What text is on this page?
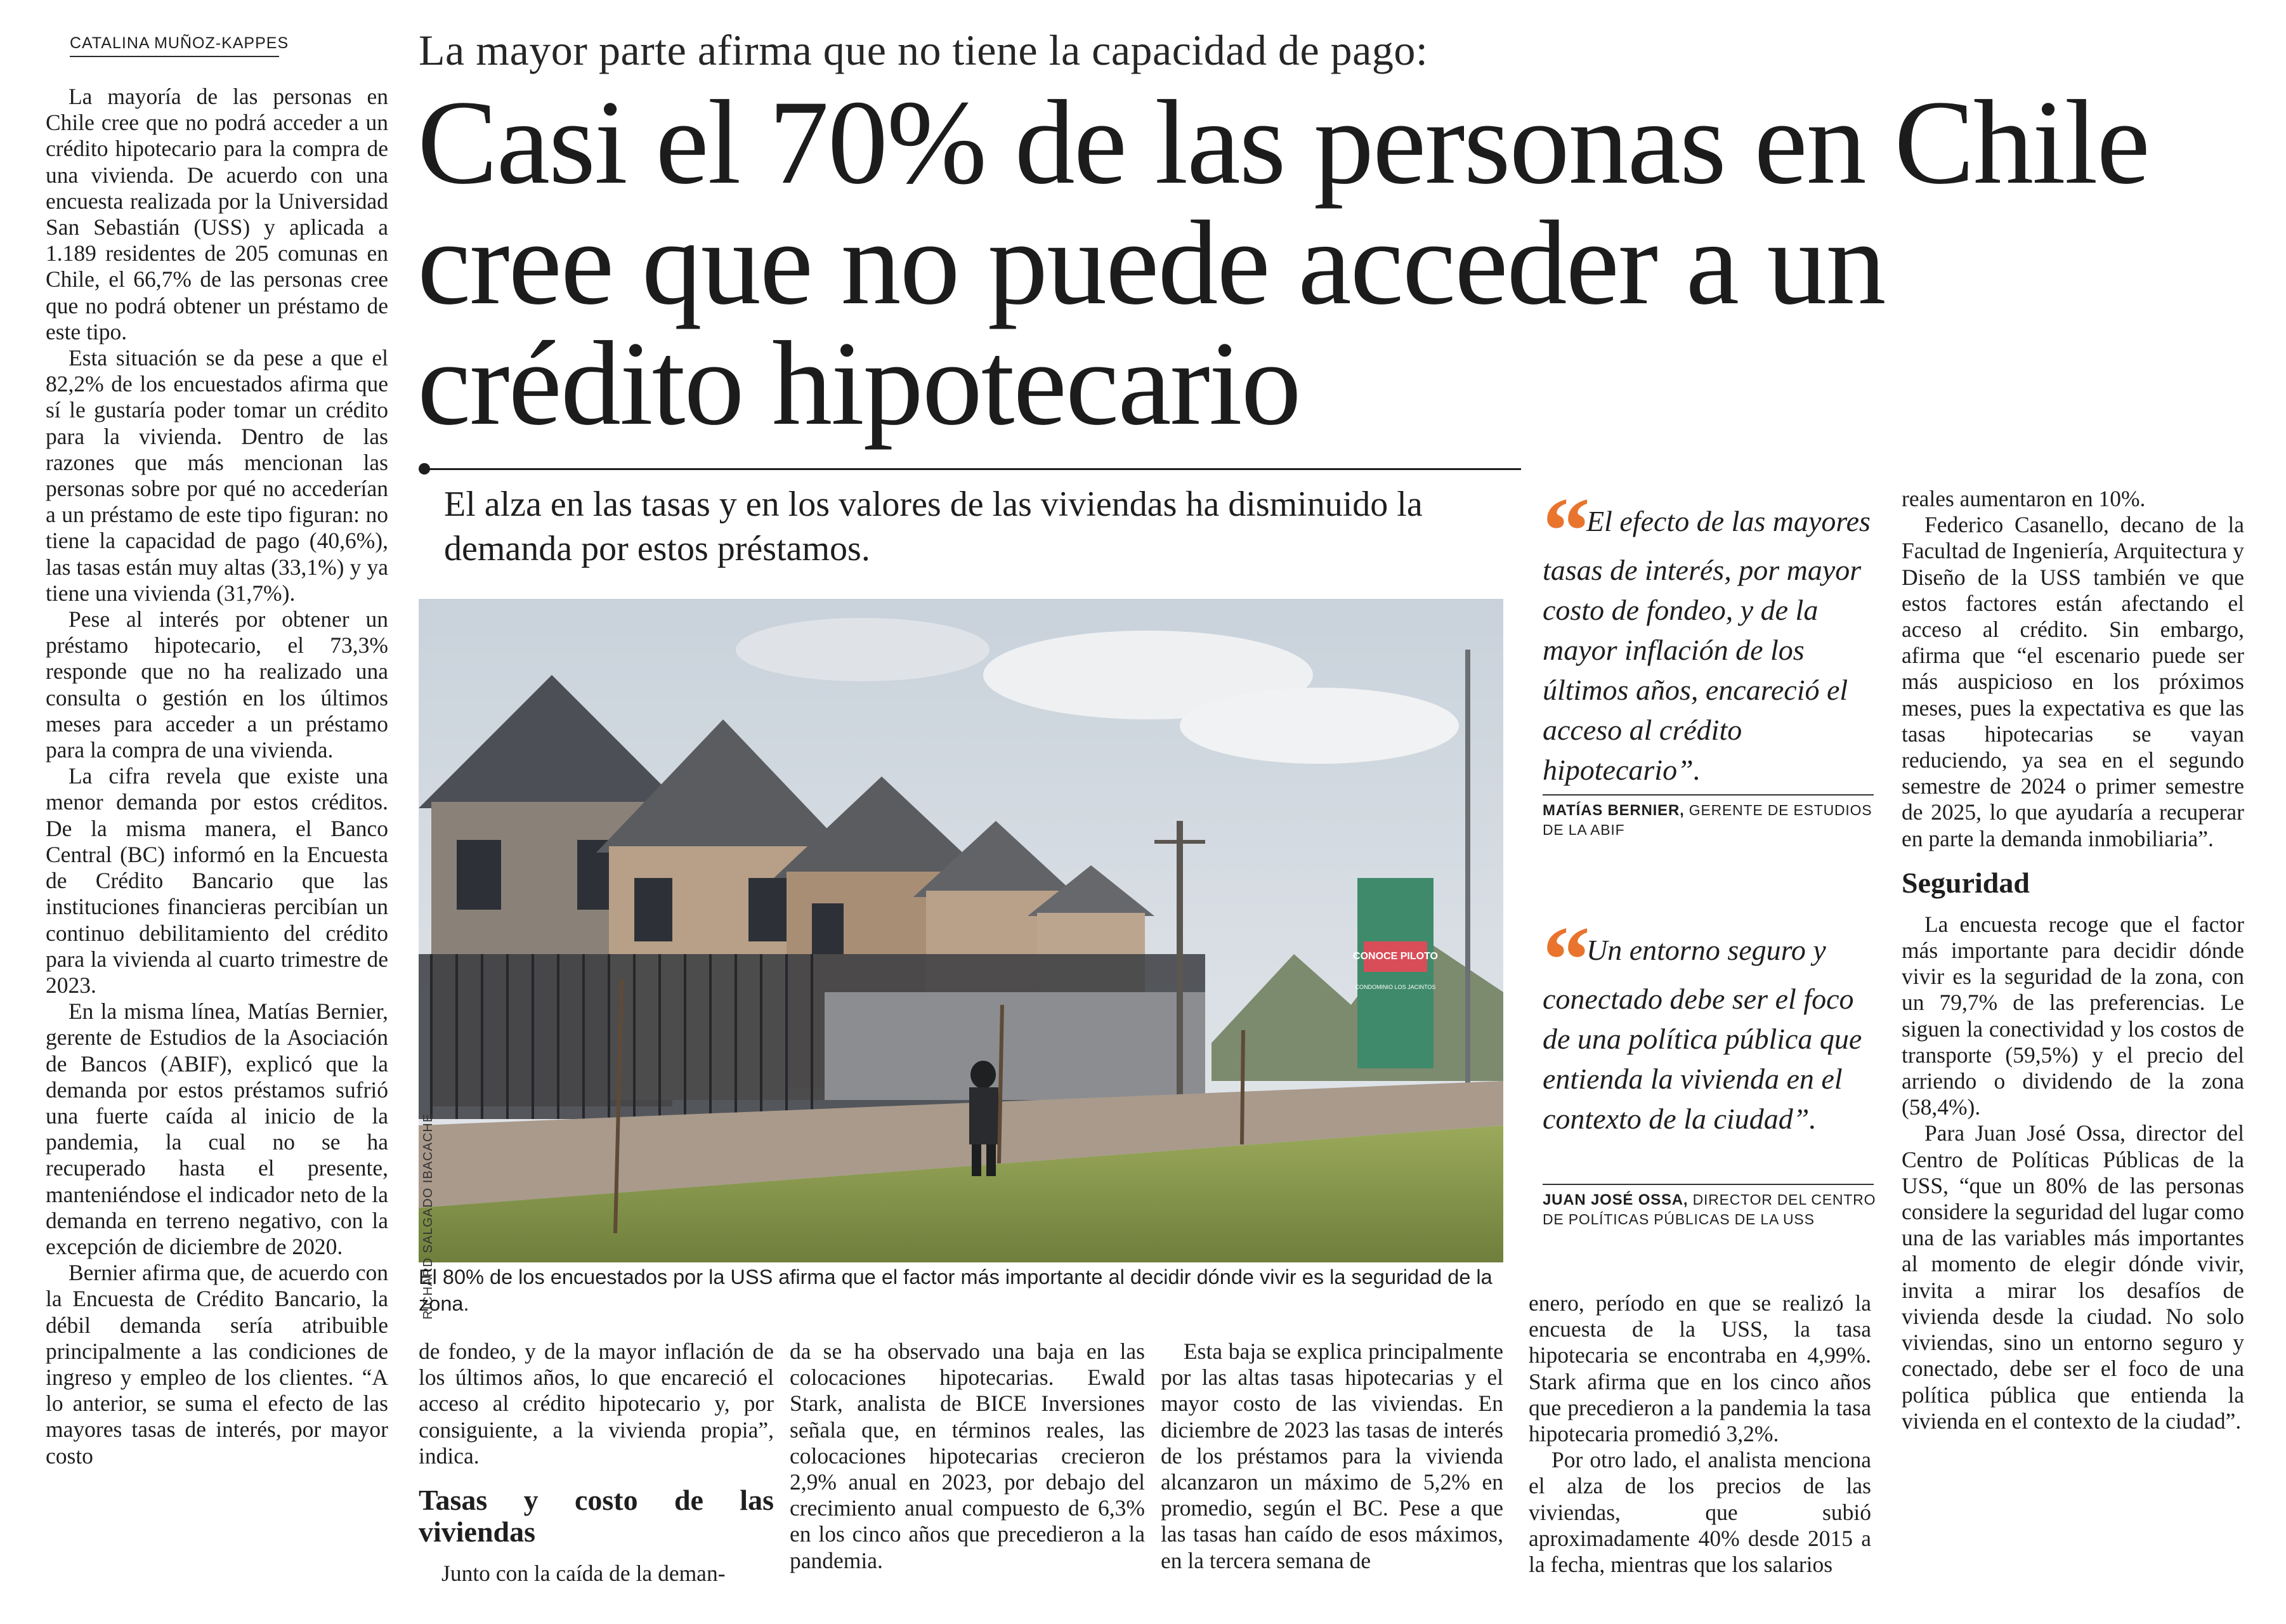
CATALINA MUÑOZ-KAPPES	La mayor parte afirma que no tiene la capacidad de pago:
Casi el 70% de las personas en Chile
cree que no puede acceder a un
crédito hipotecario
El alza en las tasas y en los valores de las viviendas ha disminuido la demanda por estos préstamos.

La mayoría de las personas en Chile cree que no podrá acceder a un crédito hipotecario para la compra de una vivienda. De acuerdo con una encuesta realizada por la Universidad San Sebastián (USS) y aplicada a 1.189 residentes de 205 comunas en Chile, el 66,7% de las personas cree que no podrá obtener un préstamo de este tipo.

Esta situación se da pese a que el 82,2% de los encuestados afirma que sí le gustaría poder tomar un crédito para la vivienda. Dentro de las razones que más mencionan las personas sobre por qué no accederían a un préstamo de este tipo figuran: no tiene la capacidad de pago (40,6%), las tasas están muy altas (33,1%) y ya tiene una vivienda (31,7%).

Pese al interés por obtener un préstamo hipotecario, el 73,3% responde que no ha realizado una consulta o gestión en los últimos meses para acceder a un préstamo para la compra de una vivienda.

La cifra revela que existe una menor demanda por estos créditos. De la misma manera, el Banco Central (BC) informó en la Encuesta de Crédito Bancario que las instituciones financieras percibían un continuo debilitamiento del crédito para la vivienda al cuarto trimestre de 2023.

En la misma línea, Matías Bernier, gerente de Estudios de la Asociación de Bancos (ABIF), explicó que la demanda por estos préstamos sufrió una fuerte caída al inicio de la pandemia, la cual no se ha recuperado hasta el presente, manteniéndose el indicador neto de la demanda en terreno negativo, con la excepción de diciembre de 2020.

Bernier afirma que, de acuerdo con la Encuesta de Crédito Bancario, la débil demanda sería atribuible principalmente a las condiciones de ingreso y empleo de los clientes. “A lo anterior, se suma el efecto de las mayores tasas de interés, por mayor costo

CONOCE PILOTO
CONDOMINIO LOS JACINTOS
RICHARD SALGADO IBACACHE
El 80% de los encuestados por la USS afirma que el factor más importante al decidir dónde vivir es la seguridad de la zona.

de fondeo, y de la mayor inflación de los últimos años, lo que encareció el acceso al crédito hipotecario y, por consiguiente, a la vivienda propia”, indica.

Tasas y costo de las viviendas

Junto con la caída de la deman-

da se ha observado una baja en las colocaciones hipotecarias. Ewald Stark, analista de BICE Inversiones señala que, en términos reales, las colocaciones hipotecarias crecieron 2,9% anual en 2023, por debajo del crecimiento anual compuesto de 6,3% en los cinco años que precedieron a la pandemia.

Esta baja se explica principalmente por las altas tasas hipotecarias y el mayor costo de las viviendas. En diciembre de 2023 las tasas de interés de los préstamos para la vivienda alcanzaron un máximo de 5,2% en promedio, según el BC. Pese a que las tasas han caído de esos máximos, en la tercera semana de

“ El efecto de las mayores tasas de interés, por mayor costo de fondeo, y de la mayor inflación de los últimos años, encareció el acceso al crédito hipotecario”.
MATÍAS BERNIER, GERENTE DE ESTUDIOS DE LA ABIF
“ Un entorno seguro y conectado debe ser el foco de una política pública que entienda la vivienda en el contexto de la ciudad”.
JUAN JOSÉ OSSA, DIRECTOR DEL CENTRO DE POLÍTICAS PÚBLICAS DE LA USS

enero, período en que se realizó la encuesta de la USS, la tasa hipotecaria se encontraba en 4,99%. Stark afirma que en los cinco años que precedieron a la pandemia la tasa hipotecaria promedió 3,2%.

Por otro lado, el analista menciona el alza de los precios de las viviendas, que subió aproximadamente 40% desde 2015 a la fecha, mientras que los salarios

reales aumentaron en 10%.

Federico Casanello, decano de la Facultad de Ingeniería, Arquitectura y Diseño de la USS también ve que estos factores están afectando el acceso al crédito. Sin embargo, afirma que “el escenario puede ser más auspicioso en los próximos meses, pues la expectativa es que las tasas hipotecarias se vayan reduciendo, ya sea en el segundo semestre de 2024 o primer semestre de 2025, lo que ayudaría a recuperar en parte la demanda inmobiliaria”.

Seguridad

La encuesta recoge que el factor más importante para decidir dónde vivir es la seguridad de la zona, con un 79,7% de las preferencias. Le siguen la conectividad y los costos de transporte (59,5%) y el precio del arriendo o dividendo de la zona (58,4%).

Para Juan José Ossa, director del Centro de Políticas Públicas de la USS, “que un 80% de las personas considere la seguridad del lugar como una de las variables más importantes al momento de elegir dónde vivir, invita a mirar los desafíos de vivienda desde la ciudad. No solo viviendas, sino un entorno seguro y conectado, debe ser el foco de una política pública que entienda la vivienda en el contexto de la ciudad”.
